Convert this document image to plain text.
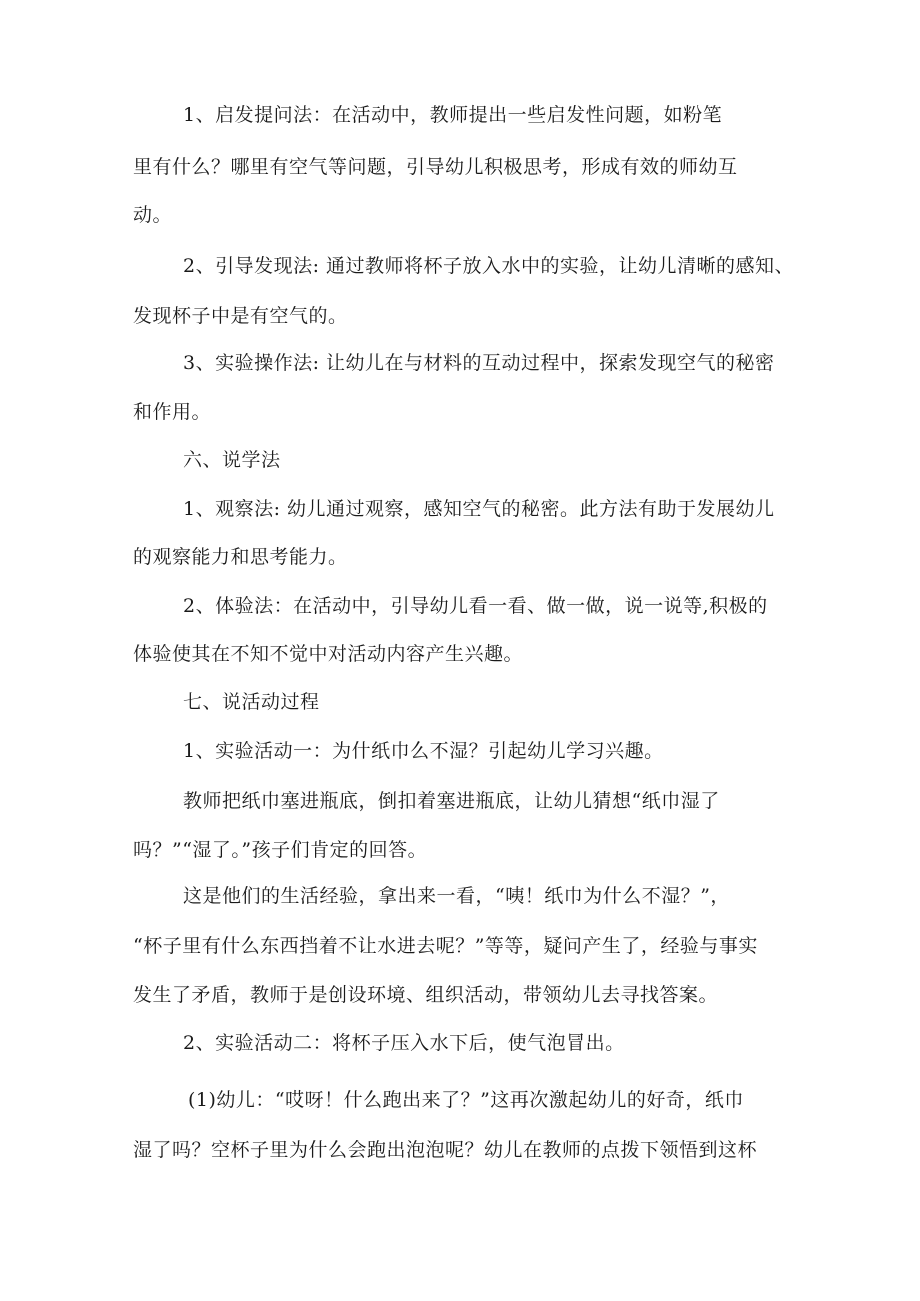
1、启发提问法：在活动中，教师提出一些启发性问题，如粉笔
里有什么？哪里有空气等问题，引导幼儿积极思考，形成有效的师幼互
动。
2、引导发现法: 通过教师将杯子放入水中的实验，让幼儿清晰的感知、
发现杯子中是有空气的。
3、实验操作法: 让幼儿在与材料的互动过程中，探索发现空气的秘密
和作用。
六、说学法
1、观察法: 幼儿通过观察，感知空气的秘密。此方法有助于发展幼儿
的观察能力和思考能力。
2、体验法：在活动中，引导幼儿看一看、做一做，说一说等,积极的
体验使其在不知不觉中对活动内容产生兴趣。
七、说活动过程
1、实验活动一：为什纸巾么不湿？引起幼儿学习兴趣。
教师把纸巾塞进瓶底，倒扣着塞进瓶底，让幼儿猜想“纸巾湿了
吗？”“湿了。”孩子们肯定的回答。
这是他们的生活经验，拿出来一看，“咦！纸巾为什么不湿？”，
“杯子里有什么东西挡着不让水进去呢？”等等，疑问产生了，经验与事实
发生了矛盾，教师于是创设环境、组织活动，带领幼儿去寻找答案。
2、实验活动二：将杯子压入水下后，使气泡冒出。
(1)幼儿：“哎呀！什么跑出来了？”这再次激起幼儿的好奇，纸巾
湿了吗？空杯子里为什么会跑出泡泡呢？幼儿在教师的点拨下领悟到这杯
